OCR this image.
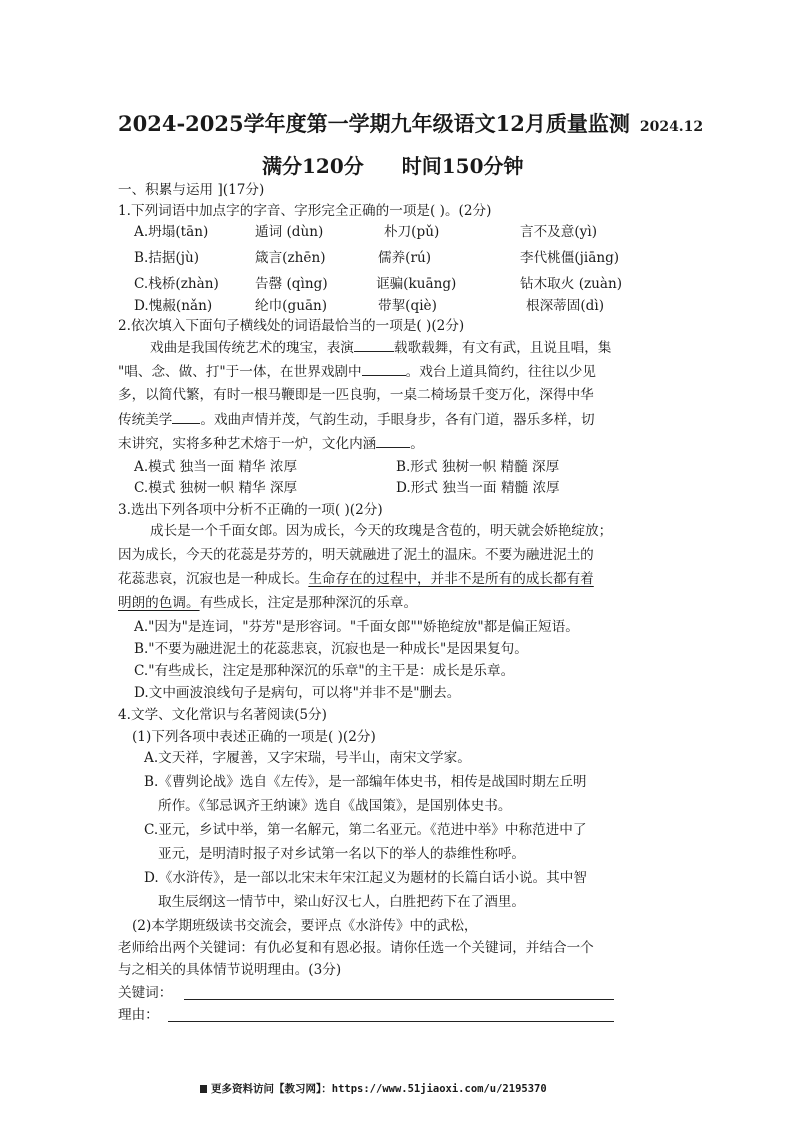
2024-2025学年度第一学期九年级语文12月质量监测 2024.12
满分120分 时间150分钟
一、积累与运用 ](17分)
1.下列词语中加点字的字音、字形完全正确的一项是( )。(2分)
A.坍塌(tān)	遁词 (dùn)	朴刀(pǔ)	言不及意(yì)
B.拮据(jù)	箴言(zhēn)	儒养(rú)	李代桃僵(jiāng)
C.栈桥(zhàn)	告罄 (qìng)	诓骗(kuāng)	钻木取火 (zuàn)
D.愧赧(nǎn)	纶巾(guān)	带挈(qiè)	根深蒂固(dì)
2.依次填入下面句子横线处的词语最恰当的一项是( )(2分)
戏曲是我国传统艺术的瑰宝，表演	载歌载舞，有文有武，且说且唱，集
"唱、念、做、打"于一体，在世界戏剧中	。戏台上道具简约，往往以少见
多，以简代繁，有时一根马鞭即是一匹良驹，一桌二椅场景千变万化，深得中华
传统美学 。戏曲声情并茂，气韵生动，手眼身步，各有门道，器乐多样，切
末讲究，实将多种艺术熔于一炉，文化内涵	。
A.模式 独当一面 精华 浓厚	B.形式 独树一帜 精髓 深厚
C.模式 独树一帜 精华 深厚	D.形式 独当一面 精髓 浓厚
3.选出下列各项中分析不正确的一项( )(2分)
成长是一个千面女郎。因为成长，今天的玫瑰是含苞的，明天就会娇艳绽放；
因为成长，今天的花蕊是芬芳的，明天就融进了泥土的温床。不要为融进泥土的
花蕊悲哀，沉寂也是一种成长。生命存在的过程中，并非不是所有的成长都有着
明朗的色调。有些成长，注定是那种深沉的乐章。
A."因为"是连词，"芬芳"是形容词。"千面女郎""娇艳绽放"都是偏正短语。
B."不要为融进泥土的花蕊悲哀，沉寂也是一种成长"是因果复句。
C."有些成长，注定是那种深沉的乐章"的主干是：成长是乐章。
D.文中画波浪线句子是病句，可以将"并非不是"删去。
4.文学、文化常识与名著阅读(5分)
(1)下列各项中表述正确的一项是( )(2分)
A.文天祥，字履善，又字宋瑞，号半山，南宋文学家。
B.《曹刿论战》选自《左传》，是一部编年体史书，相传是战国时期左丘明
所作。《邹忌讽齐王纳谏》选自《战国策》，是国别体史书。
C.亚元，乡试中举，第一名解元，第二名亚元。《范进中举》中称范进中了
亚元，是明清时报子对乡试第一名以下的举人的恭维性称呼。
D.《水浒传》，是一部以北宋末年宋江起义为题材的长篇白话小说。其中智
取生辰纲这一情节中，梁山好汉七人，白胜把药下在了酒里。
(2)本学期班级读书交流会，要评点《水浒传》中的武松，
老师给出两个关键词：有仇必复和有恩必报。请你任选一个关键词，并结合一个
与之相关的具体情节说明理由。(3分)
关键词：
理由：
更多资料访问【教习网】：https://www.51jiaoxi.com/u/2195370
